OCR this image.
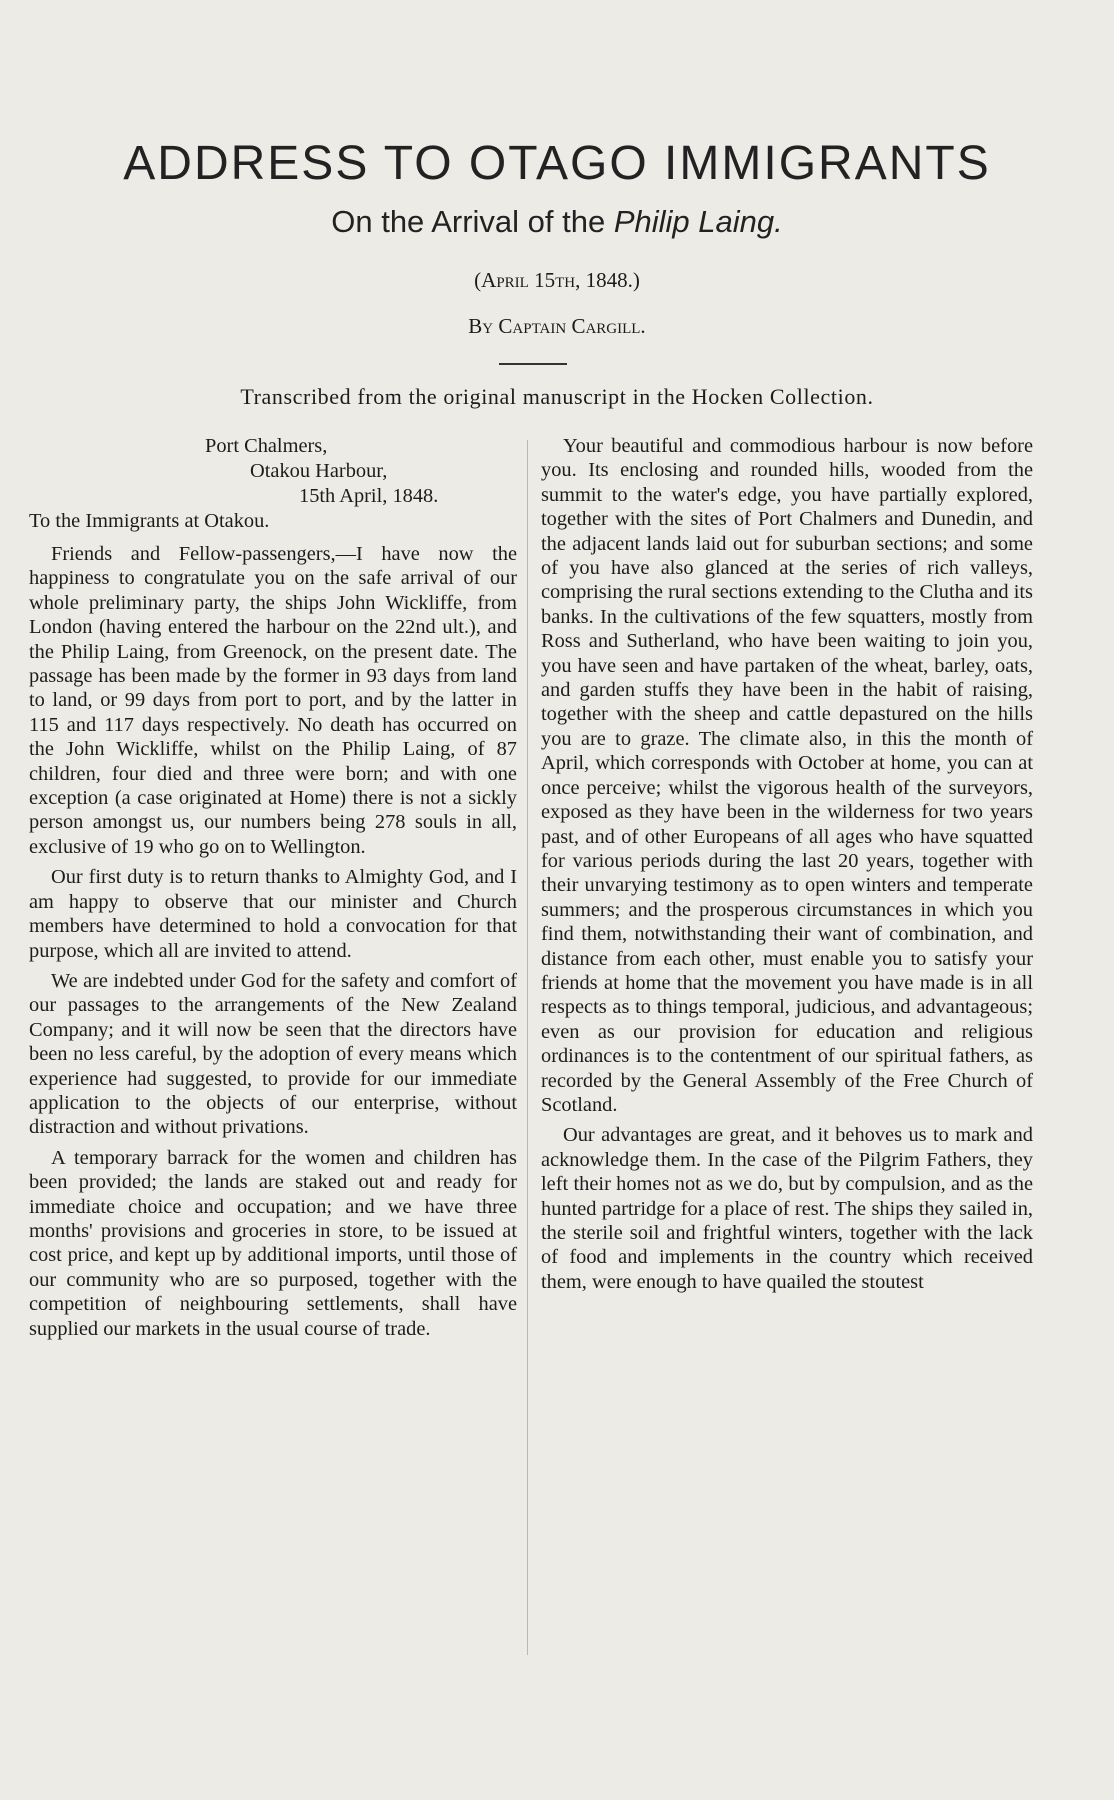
ADDRESS TO OTAGO IMMIGRANTS
On the Arrival of the Philip Laing.
(April 15th, 1848.)
By Captain Cargill.
Transcribed from the original manuscript in the Hocken Collection.

Port Chalmers,

Otakou Harbour,

15th April, 1848.

To the Immigrants at Otakou.

Friends and Fellow-passengers,—I have now the happiness to congratulate you on the safe arrival of our whole preliminary party, the ships John Wickliffe, from London (having entered the harbour on the 22nd ult.), and the Philip Laing, from Greenock, on the present date. The passage has been made by the former in 93 days from land to land, or 99 days from port to port, and by the latter in 115 and 117 days respectively. No death has occurred on the John Wickliffe, whilst on the Philip Laing, of 87 children, four died and three were born; and with one exception (a case originated at Home) there is not a sickly person amongst us, our numbers being 278 souls in all, exclusive of 19 who go on to Wellington.

Our first duty is to return thanks to Almighty God, and I am happy to observe that our minister and Church members have determined to hold a convocation for that purpose, which all are invited to attend.

We are indebted under God for the safety and comfort of our passages to the arrangements of the New Zealand Company; and it will now be seen that the directors have been no less careful, by the adoption of every means which experience had suggested, to provide for our immediate application to the objects of our enterprise, without distraction and without privations.

A temporary barrack for the women and children has been provided; the lands are staked out and ready for immediate choice and occupation; and we have three months' provisions and groceries in store, to be issued at cost price, and kept up by additional imports, until those of our community who are so purposed, together with the competition of neighbouring settlements, shall have supplied our markets in the usual course of trade.

Your beautiful and commodious harbour is now before you. Its enclosing and rounded hills, wooded from the summit to the water's edge, you have partially explored, together with the sites of Port Chalmers and Dunedin, and the adjacent lands laid out for suburban sections; and some of you have also glanced at the series of rich valleys, comprising the rural sections extending to the Clutha and its banks. In the cultivations of the few squatters, mostly from Ross and Sutherland, who have been waiting to join you, you have seen and have partaken of the wheat, barley, oats, and garden stuffs they have been in the habit of raising, together with the sheep and cattle depastured on the hills you are to graze. The climate also, in this the month of April, which corresponds with October at home, you can at once perceive; whilst the vigorous health of the surveyors, exposed as they have been in the wilderness for two years past, and of other Europeans of all ages who have squatted for various periods during the last 20 years, together with their unvarying testimony as to open winters and temperate summers; and the prosperous circumstances in which you find them, notwithstanding their want of combination, and distance from each other, must enable you to satisfy your friends at home that the movement you have made is in all respects as to things temporal, judicious, and advantageous; even as our provision for education and religious ordinances is to the contentment of our spiritual fathers, as recorded by the General Assembly of the Free Church of Scotland.

Our advantages are great, and it behoves us to mark and acknowledge them. In the case of the Pilgrim Fathers, they left their homes not as we do, but by compulsion, and as the hunted partridge for a place of rest. The ships they sailed in, the sterile soil and frightful winters, together with the lack of food and implements in the country which received them, were enough to have quailed the stoutest
